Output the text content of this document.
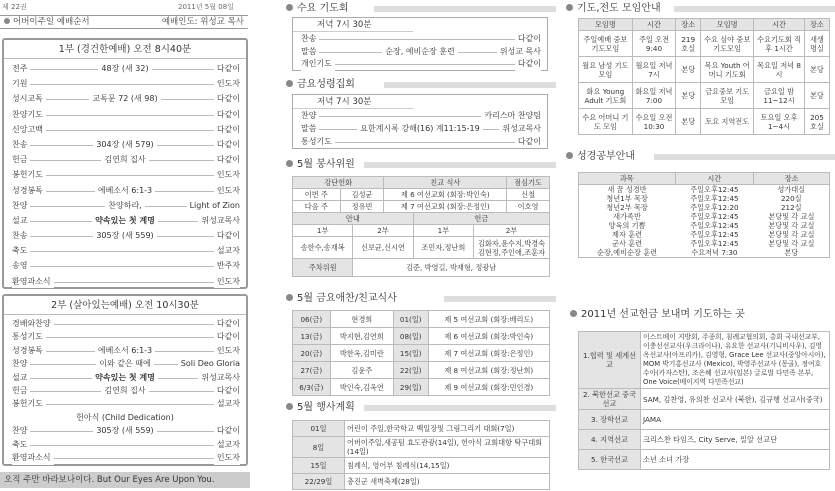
제 22권	2011년 5월 08일
어버이주일 예배순서	예배인도: 위성교 목사
1부 (경건한예배) 오전 8시40분
전주	48장 (새 32)	다같이
기원	인도자
성시교독	교독문 72 (새 98)	다같이
찬양기도	다같이
신앙고백	다같이
찬송	304장 (새 579)	다같이
헌금	김연희 집사	다같이
봉헌기도	인도자
성경봉독	에베소서 6:1-3	인도자
찬양	찬양하라,	Light of Zion
설교	약속있는 첫 계명	위성교목사
찬송	305장 (새 559)	다같이
축도	설교자
송영	반주자
환영과소식	인도자
2부 (살아있는예배) 오전 10시30분
경배와찬양	다같이
통성기도	다같이
성경봉독	에베소서 6:1-3	인도자
찬양	이와 같은 때에	Soli Deo Gloria
설교	약속있는 첫 계명	위성교목사
헌금	김연희 집사	다같이
봉헌기도	설교자
헌아식 (Child Dedication)
찬양	305장 (새 559)	다같이
축도	설교자
환영과소식	인도자
오직 주만 바라보나이다. But Our Eyes Are Upon You.
수요 기도회
저녁 7시 30분
찬송	다같이
말씀	순장, 예비순장 훈련	위성교 목사
개인기도	다같이
금요성령집회
저녁 7시 30분
찬양	카리스마 찬양팀
말씀	요한계시록 강해(16) 계11:15-19	위성교목사
통성기도	다같이
5월 봉사위원
강단헌화		친교 식사	점심기도
이번 주	김성균	제 6 여선교회 (회장:박인숙)	신철
다음 주	정유빈	제 7 여선교회 (회장:은정인)	이호영
안내		헌금	
1부	2부	1부	2부
송한수,송재복	신보균,신시연	조민자,정난희	김화자,윤수지,박경숙 김현정,주인애,조훈자
주차위원	김준, 박영길, 박재형, 정광남		
5월 금요애찬/친교식사
06(금)	현경희	01(일)	제 5 여선교회 (회장:배리도)
13(금)	박지현,김연희	08(일)	제 6 여선교회 (회장:박인숙)
20(금)	박한옥,김미란	15(일)	제 7 여선교회 (회장:은정인)
27(금)	김윤주	22(일)	제 8 여선교회 (회장:정난희)
6/3(금)	박인숙,김옥연	29(일)	제 9 여선교회 (회장:민인경)
5월 행사계획
01일	어린이 주일,한국학교 백일장및 그림그리기 대회(7일)
8일	어버이주일,새공팀 효도관광(14일), 헌아식 교회대항 탁구대회(14일)
15일	침례식, 영어부 침례식(14,15일)
22/29일	총진군 새벽축제(28일)
기도,전도 모임안내
모임명	시간	장소	모임명	시간	장소
주일예배 중보기도모임	주일 오전 9:40	219호실	수요 심야 중보기도모임	수요기도회 직후 1시간	새생명실
월요 남성 기도 모임	월요일 저녁 7시	본당	목요 Youth 어머니 기도회	목요일 저녁 8시	본당
화요 Young Adult 기도회	화요일 저녁7:00	본당	금요중보 기도모임	금요일 밤 11~12시	본당
수요 어머니 기도 모임	수요일 오전 10:30	본당	토요 지역전도	토요일 오후 1~4시	205호실
성경공부안내
과목	시간	장소
새 꿈 성경반	주일오후12:45	성가대실
청년1부 목장	주일오후12:45	220실
청년2부 목장	주일오후12:20	212실
새가족반	주일오후12:45	본당및 각 교실
양육의 기쁨	주일오후12:45	본당및 각 교실
제자 훈련	주일오후12:45	본당및 각 교실
군사 훈련	주일오후12:45	본당및 각 교실
순장,예비순장 훈련	수요저녁 7:30	본당
2011년 선교헌금 보내며 기도하는 곳
1.협력 및 세계선교	이스트베이 지방회, 주종희, 침례교협의회, 총회 국내선교부, 이충선선교사(우크라이나), 유요한 선교사(기니비사우), 김영옥선교사(아프리카), 김영형, Grace Lee 선교사(중앙아시아), MOM 박기홍선교사 (Mexico), 박영주선교사 (몽골), 정여호수아(카자스탄), 조은혜 선교사(일본) 글로벌 다민족 본부, One Voice(베이지역 다민족선교)
2. 북한선교 중국선교	SAM, 김찬영, 유의찬 선교사 (북한), 김규행 선교사(중국)
3. 장학선교	JAMA
4. 지역선교	크리스찬 타임즈, City Serve, 밀알 선교단
5. 한국선교	소년 소녀 가장
